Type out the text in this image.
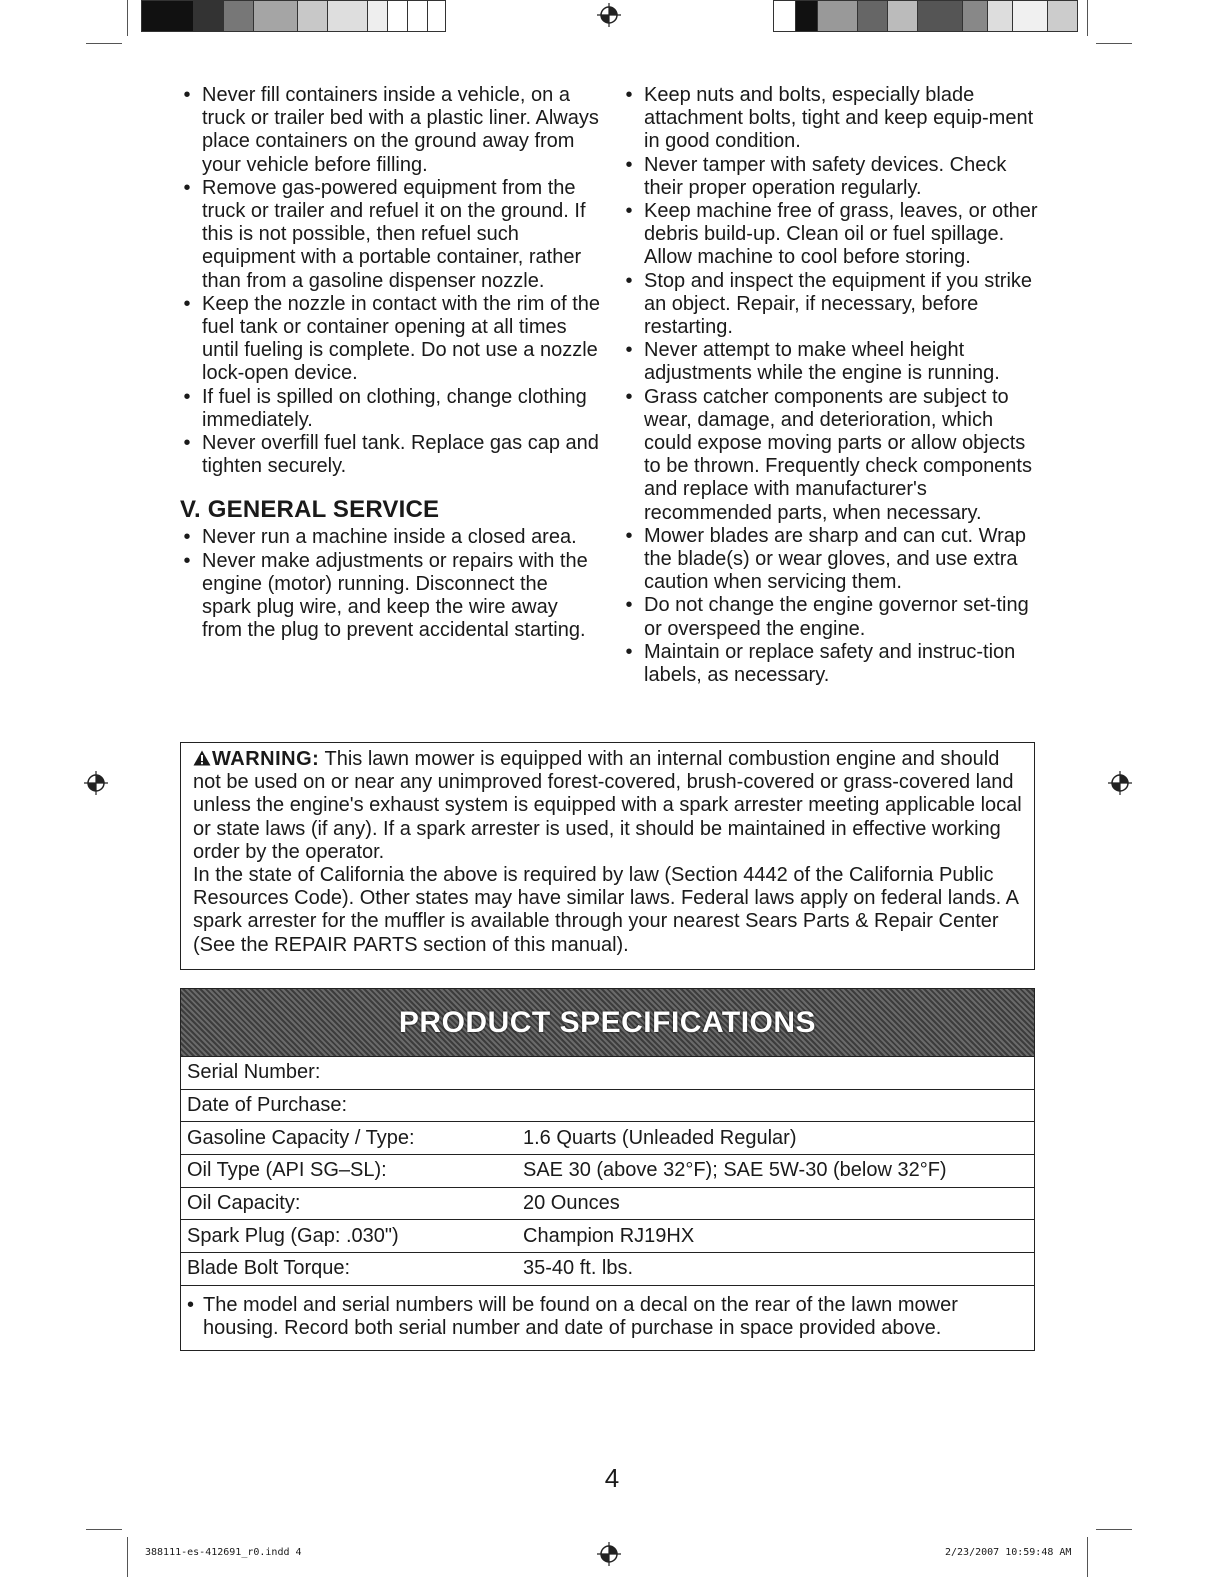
• Never fill containers inside a vehicle, on a truck or trailer bed with a plastic liner. Always place containers on the ground away from your vehicle before filling.
• Remove gas-powered equipment from the truck or trailer and refuel it on the ground. If this is not possible, then refuel such equipment with a portable container, rather than from a gasoline dispenser nozzle.
• Keep the nozzle in contact with the rim of the fuel tank or container opening at all times until fueling is complete. Do not use a nozzle lock-open device.
• If fuel is spilled on clothing, change clothing immediately.
• Never overfill fuel tank. Replace gas cap and tighten securely.
V. GENERAL SERVICE
• Never run a machine inside a closed area.
• Never make adjustments or repairs with the engine (motor) running. Disconnect the spark plug wire, and keep the wire away from the plug to prevent accidental starting.
• Keep nuts and bolts, especially blade attachment bolts, tight and keep equip-ment in good condition.
• Never tamper with safety devices. Check their proper operation regularly.
• Keep machine free of grass, leaves, or other debris build-up. Clean oil or fuel spillage. Allow machine to cool before storing.
• Stop and inspect the equipment if you strike an object. Repair, if necessary, before restarting.
• Never attempt to make wheel height adjustments while the engine is running.
• Grass catcher components are subject to wear, damage, and deterioration, which could expose moving parts or allow objects to be thrown. Frequently check components and replace with manufacturer's recommended parts, when necessary.
• Mower blades are sharp and can cut. Wrap the blade(s) or wear gloves, and use extra caution when servicing them.
• Do not change the engine governor set-ting or overspeed the engine.
• Maintain or replace safety and instruc-tion labels, as necessary.
WARNING: This lawn mower is equipped with an internal combustion engine and should not be used on or near any unimproved forest-covered, brush-covered or grass-covered land unless the engine's exhaust system is equipped with a spark arrester meeting applicable local or state laws (if any). If a spark arrester is used, it should be maintained in effective working order by the operator.
In the state of California the above is required by law (Section 4442 of the California Public Resources Code). Other states may have similar laws. Federal laws apply on federal lands. A spark arrester for the muffler is available through your nearest Sears Parts & Repair Center (See the REPAIR PARTS section of this manual).
PRODUCT SPECIFICATIONS
Serial Number:
Date of Purchase:
Gasoline Capacity / Type:	1.6 Quarts (Unleaded Regular)
Oil Type (API SG–SL):	SAE 30 (above 32°F); SAE 5W-30 (below 32°F)
Oil Capacity:	20 Ounces
Spark Plug (Gap: .030")	Champion RJ19HX
Blade Bolt Torque:	35-40 ft. lbs.
• The model and serial numbers will be found on a decal on the rear of the lawn mower housing. Record both serial number and date of purchase in space provided above.
4
388111-es-412691_r0.indd 4	2/23/2007 10:59:48 AM
